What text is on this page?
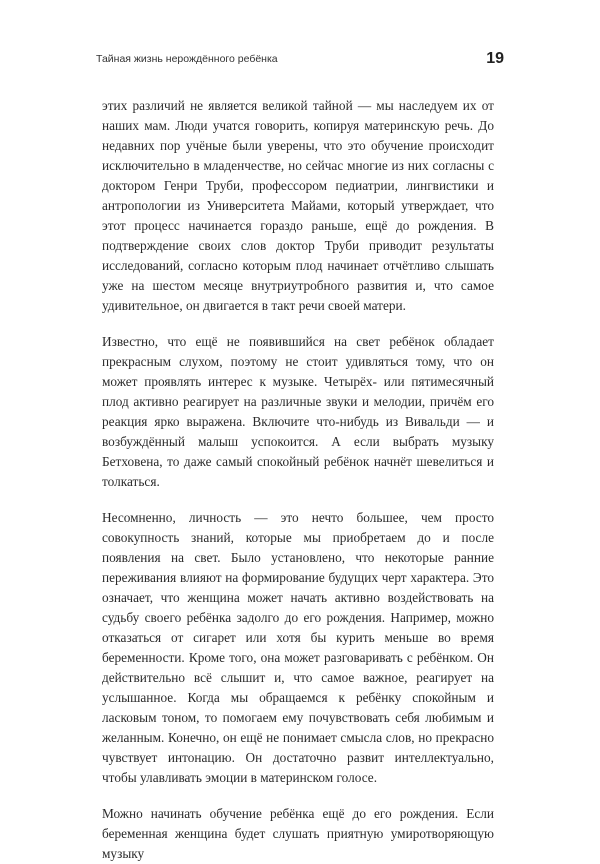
Тайная жизнь нерождённого ребёнка	19

этих различий не является великой тайной — мы наследуем их от наших мам. Люди учатся говорить, копируя материнскую речь. До недавних пор учёные были уверены, что это обучение происходит исключительно в младенчестве, но сейчас многие из них согласны с доктором Генри Труби, профессором педиатрии, лингвистики и антропологии из Университета Майами, который утверждает, что этот процесс начинается гораздо раньше, ещё до рождения. В подтверждение своих слов доктор Труби приводит результаты исследований, согласно которым плод начинает отчётливо слышать уже на шестом месяце внутриутробного развития и, что самое удивительное, он двигается в такт речи своей матери.

Известно, что ещё не появившийся на свет ребёнок обладает прекрасным слухом, поэтому не стоит удивляться тому, что он может проявлять интерес к музыке. Четырёх- или пятимесячный плод активно реагирует на различные звуки и мелодии, причём его реакция ярко выражена. Включите что-нибудь из Вивальди — и возбуждённый малыш успокоится. А если выбрать музыку Бетховена, то даже самый спокойный ребёнок начнёт шевелиться и толкаться.

Несомненно, личность — это нечто большее, чем просто совокупность знаний, которые мы приобретаем до и после появления на свет. Было установлено, что некоторые ранние переживания влияют на формирование будущих черт характера. Это означает, что женщина может начать активно воздействовать на судьбу своего ребёнка задолго до его рождения. Например, можно отказаться от сигарет или хотя бы курить меньше во время беременности. Кроме того, она может разговаривать с ребёнком. Он действительно всё слышит и, что самое важное, реагирует на услышанное. Когда мы обращаемся к ребёнку спокойным и ласковым тоном, то помогаем ему почувствовать себя любимым и желанным. Конечно, он ещё не понимает смысла слов, но прекрасно чувствует интонацию. Он достаточно развит интеллектуально, чтобы улавливать эмоции в материнском голосе.

Можно начинать обучение ребёнка ещё до его рождения. Если беременная женщина будет слушать приятную умиротворяющую музыку
